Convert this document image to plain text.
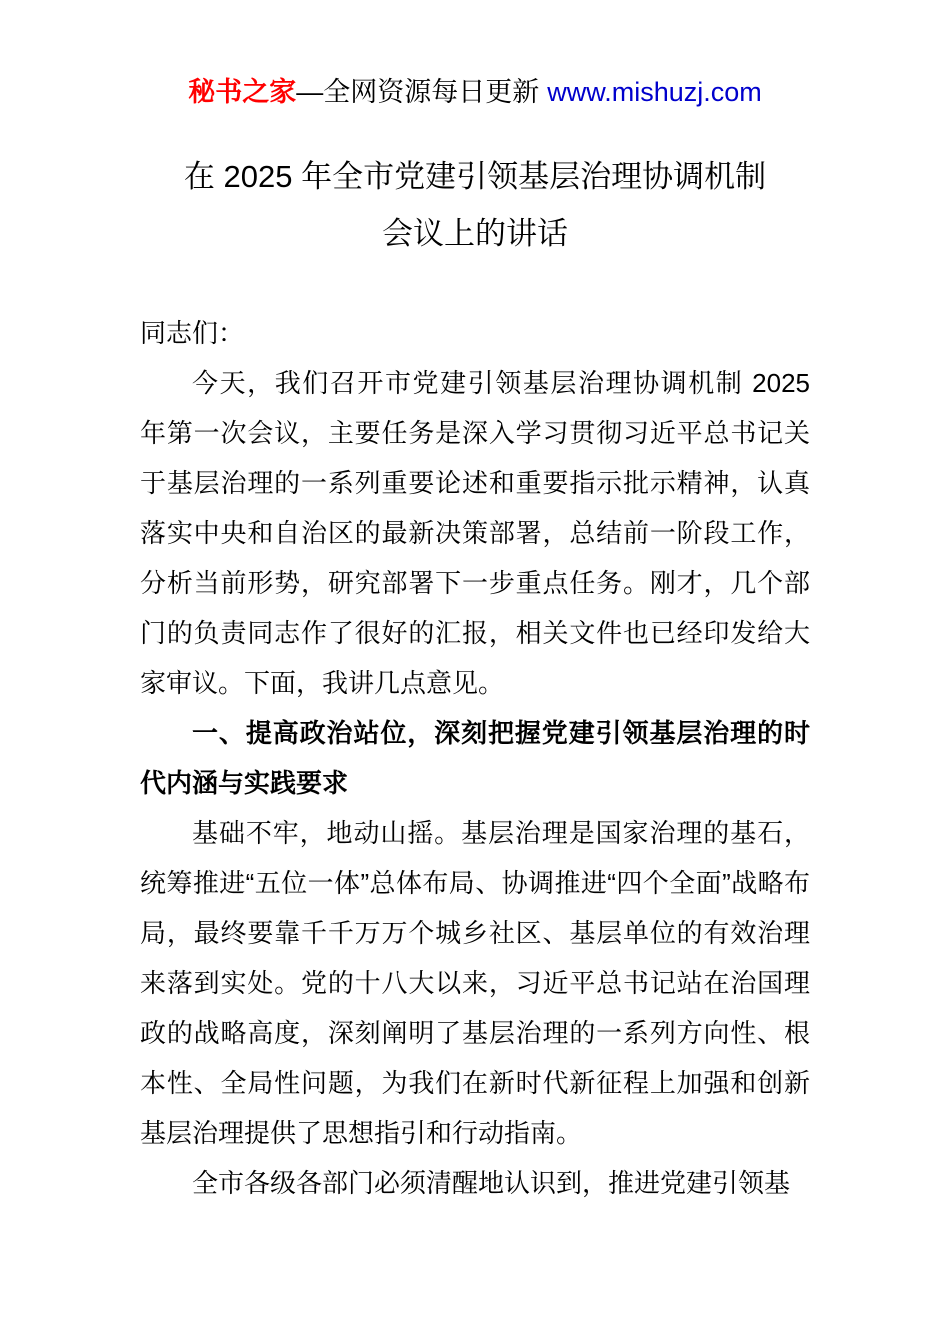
秘书之家—全网资源每日更新 www.mishuzj.com
在 2025 年全市党建引领基层治理协调机制
会议上的讲话

同志们：

今天，我们召开市党建引领基层治理协调机制 2025 年第一次会议，主要任务是深入学习贯彻习近平总书记关于基层治理的一系列重要论述和重要指示批示精神，认真落实中央和自治区的最新决策部署，总结前一阶段工作，分析当前形势，研究部署下一步重点任务。刚才，几个部门的负责同志作了很好的汇报，相关文件也已经印发给大家审议。下面，我讲几点意见。

一、提高政治站位，深刻把握党建引领基层治理的时代内涵与实践要求

基础不牢，地动山摇。基层治理是国家治理的基石，统筹推进“五位一体”总体布局、协调推进“四个全面”战略布局，最终要靠千千万万个城乡社区、基层单位的有效治理来落到实处。党的十八大以来，习近平总书记站在治国理政的战略高度，深刻阐明了基层治理的一系列方向性、根本性、全局性问题，为我们在新时代新征程上加强和创新基层治理提供了思想指引和行动指南。

全市各级各部门必须清醒地认识到，推进党建引领基
